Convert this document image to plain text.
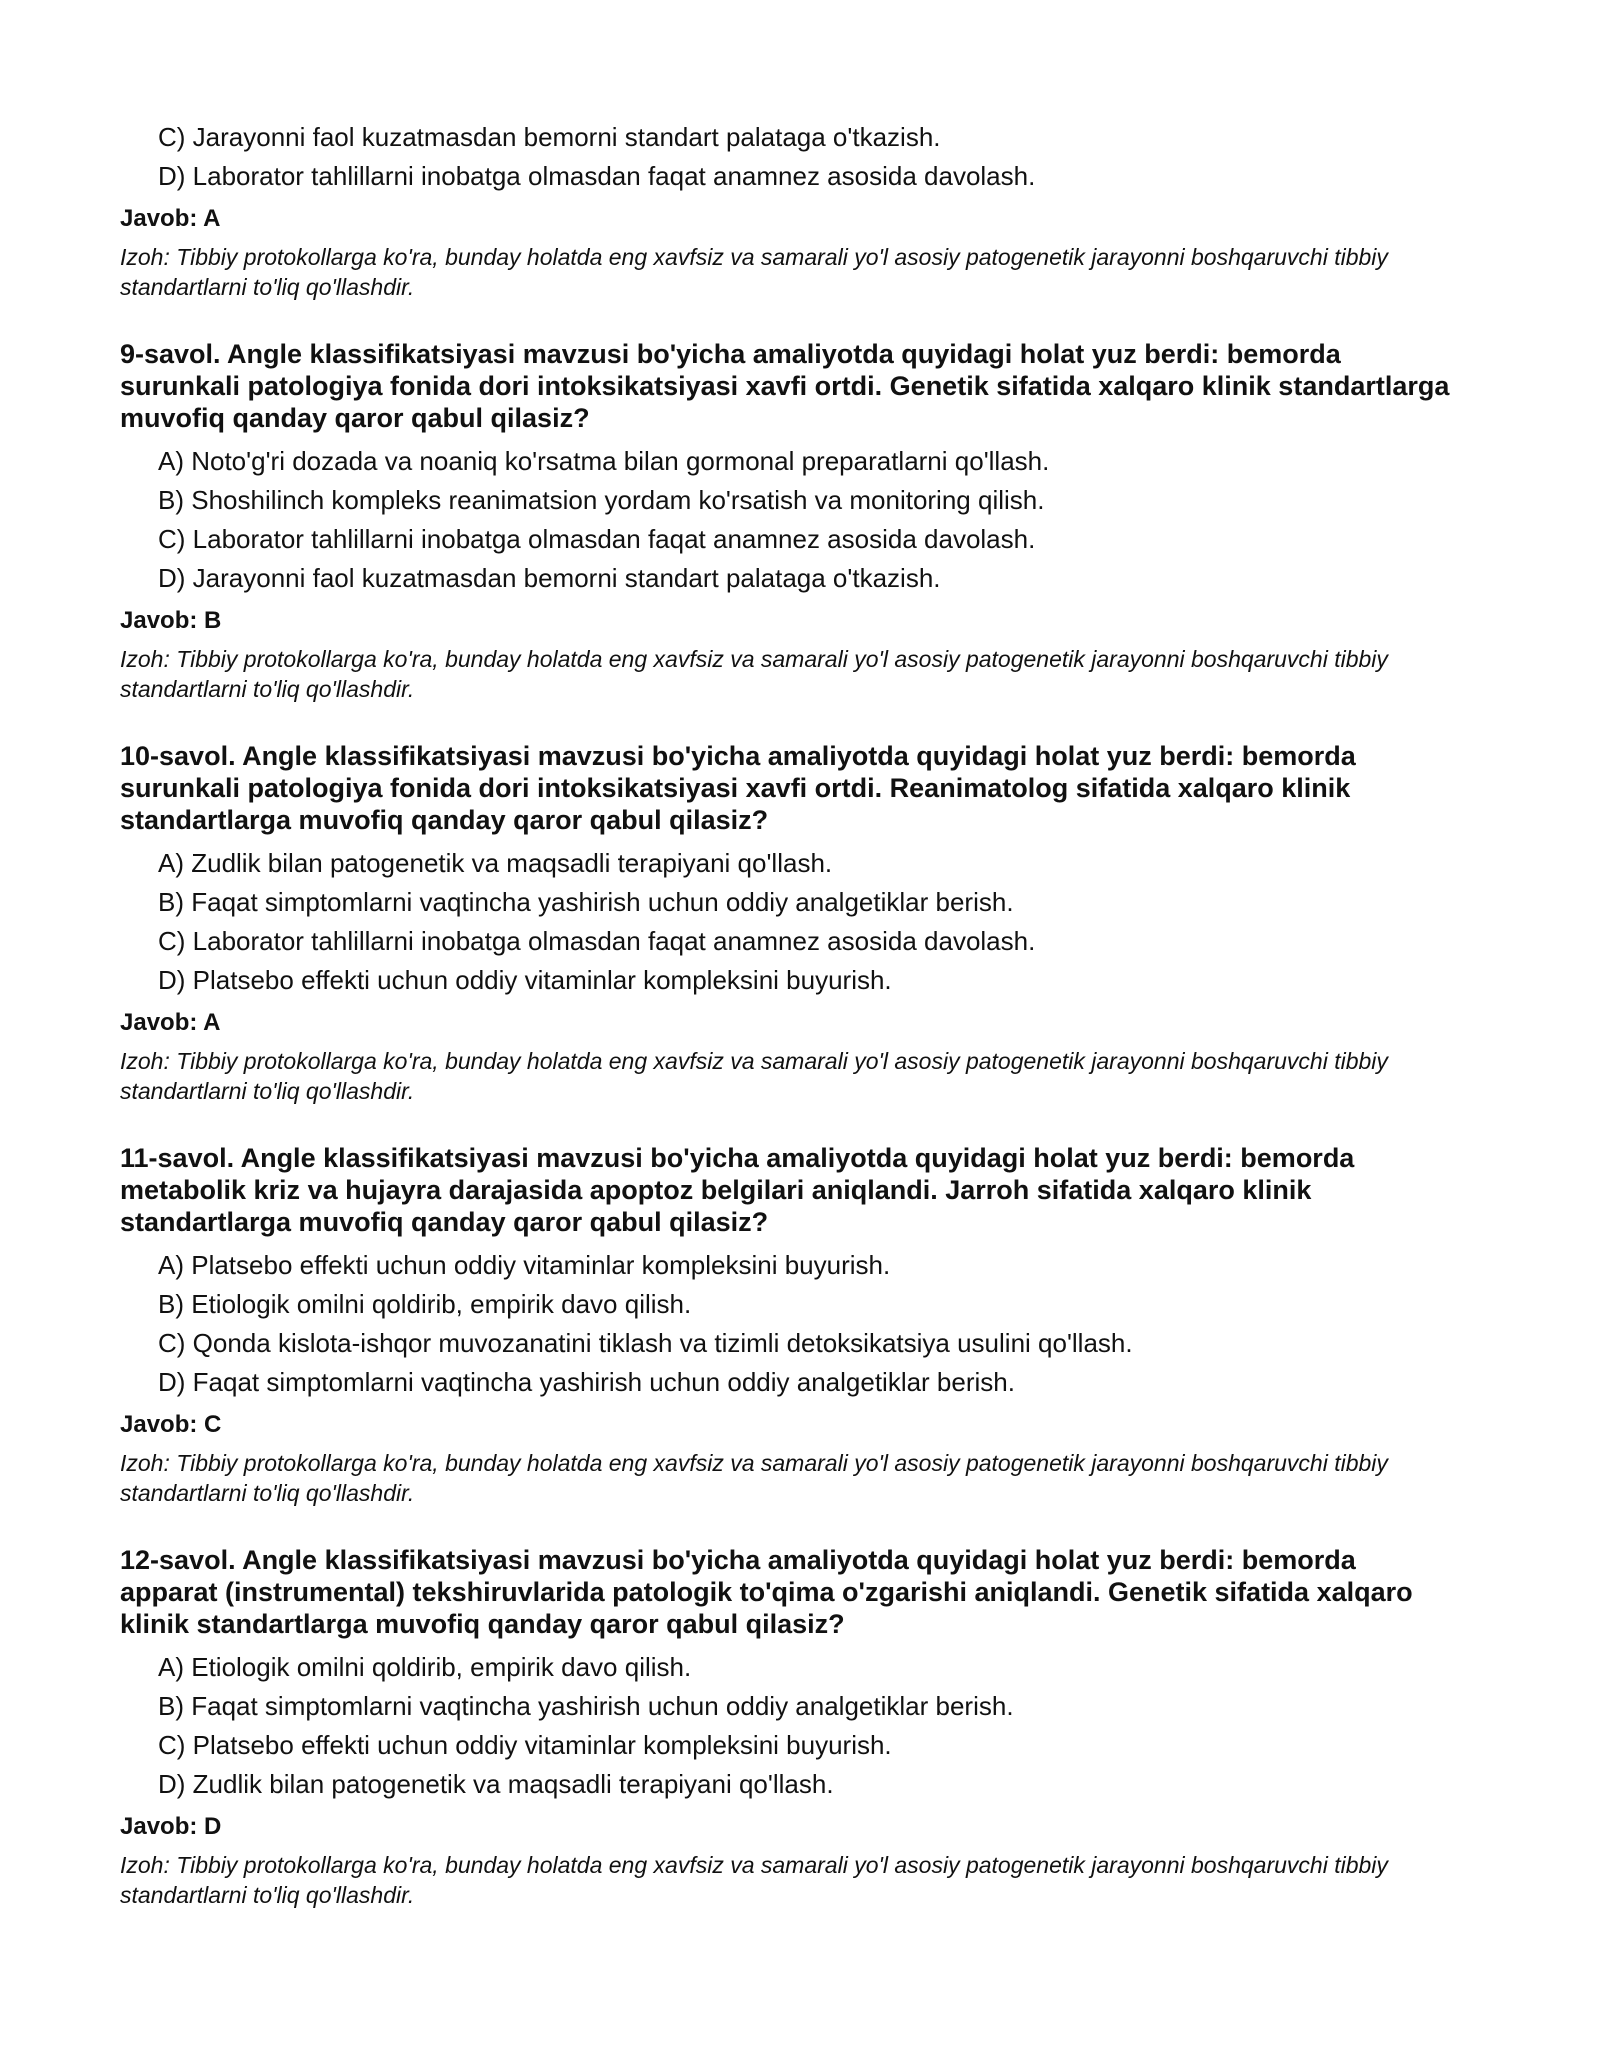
C) Jarayonni faol kuzatmasdan bemorni standart palataga o'tkazish.
D) Laborator tahlillarni inobatga olmasdan faqat anamnez asosida davolash.
Javob: A
Izoh: Tibbiy protokollarga ko'ra, bunday holatda eng xavfsiz va samarali yo'l asosiy patogenetik jarayonni boshqaruvchi tibbiy standartlarni to'liq qo'llashdir.
9-savol. Angle klassifikatsiyasi mavzusi bo'yicha amaliyotda quyidagi holat yuz berdi: bemorda surunkali patologiya fonida dori intoksikatsiyasi xavfi ortdi. Genetik sifatida xalqaro klinik standartlarga muvofiq qanday qaror qabul qilasiz?
A) Noto'g'ri dozada va noaniq ko'rsatma bilan gormonal preparatlarni qo'llash.
B) Shoshilinch kompleks reanimatsion yordam ko'rsatish va monitoring qilish.
C) Laborator tahlillarni inobatga olmasdan faqat anamnez asosida davolash.
D) Jarayonni faol kuzatmasdan bemorni standart palataga o'tkazish.
Javob: B
Izoh: Tibbiy protokollarga ko'ra, bunday holatda eng xavfsiz va samarali yo'l asosiy patogenetik jarayonni boshqaruvchi tibbiy standartlarni to'liq qo'llashdir.
10-savol. Angle klassifikatsiyasi mavzusi bo'yicha amaliyotda quyidagi holat yuz berdi: bemorda surunkali patologiya fonida dori intoksikatsiyasi xavfi ortdi. Reanimatolog sifatida xalqaro klinik standartlarga muvofiq qanday qaror qabul qilasiz?
A) Zudlik bilan patogenetik va maqsadli terapiyani qo'llash.
B) Faqat simptomlarni vaqtincha yashirish uchun oddiy analgetiklar berish.
C) Laborator tahlillarni inobatga olmasdan faqat anamnez asosida davolash.
D) Platsebo effekti uchun oddiy vitaminlar kompleksini buyurish.
Javob: A
Izoh: Tibbiy protokollarga ko'ra, bunday holatda eng xavfsiz va samarali yo'l asosiy patogenetik jarayonni boshqaruvchi tibbiy standartlarni to'liq qo'llashdir.
11-savol. Angle klassifikatsiyasi mavzusi bo'yicha amaliyotda quyidagi holat yuz berdi: bemorda metabolik kriz va hujayra darajasida apoptoz belgilari aniqlandi. Jarroh sifatida xalqaro klinik standartlarga muvofiq qanday qaror qabul qilasiz?
A) Platsebo effekti uchun oddiy vitaminlar kompleksini buyurish.
B) Etiologik omilni qoldirib, empirik davo qilish.
C) Qonda kislota-ishqor muvozanatini tiklash va tizimli detoksikatsiya usulini qo'llash.
D) Faqat simptomlarni vaqtincha yashirish uchun oddiy analgetiklar berish.
Javob: C
Izoh: Tibbiy protokollarga ko'ra, bunday holatda eng xavfsiz va samarali yo'l asosiy patogenetik jarayonni boshqaruvchi tibbiy standartlarni to'liq qo'llashdir.
12-savol. Angle klassifikatsiyasi mavzusi bo'yicha amaliyotda quyidagi holat yuz berdi: bemorda apparat (instrumental) tekshiruvlarida patologik to'qima o'zgarishi aniqlandi. Genetik sifatida xalqaro klinik standartlarga muvofiq qanday qaror qabul qilasiz?
A) Etiologik omilni qoldirib, empirik davo qilish.
B) Faqat simptomlarni vaqtincha yashirish uchun oddiy analgetiklar berish.
C) Platsebo effekti uchun oddiy vitaminlar kompleksini buyurish.
D) Zudlik bilan patogenetik va maqsadli terapiyani qo'llash.
Javob: D
Izoh: Tibbiy protokollarga ko'ra, bunday holatda eng xavfsiz va samarali yo'l asosiy patogenetik jarayonni boshqaruvchi tibbiy standartlarni to'liq qo'llashdir.
